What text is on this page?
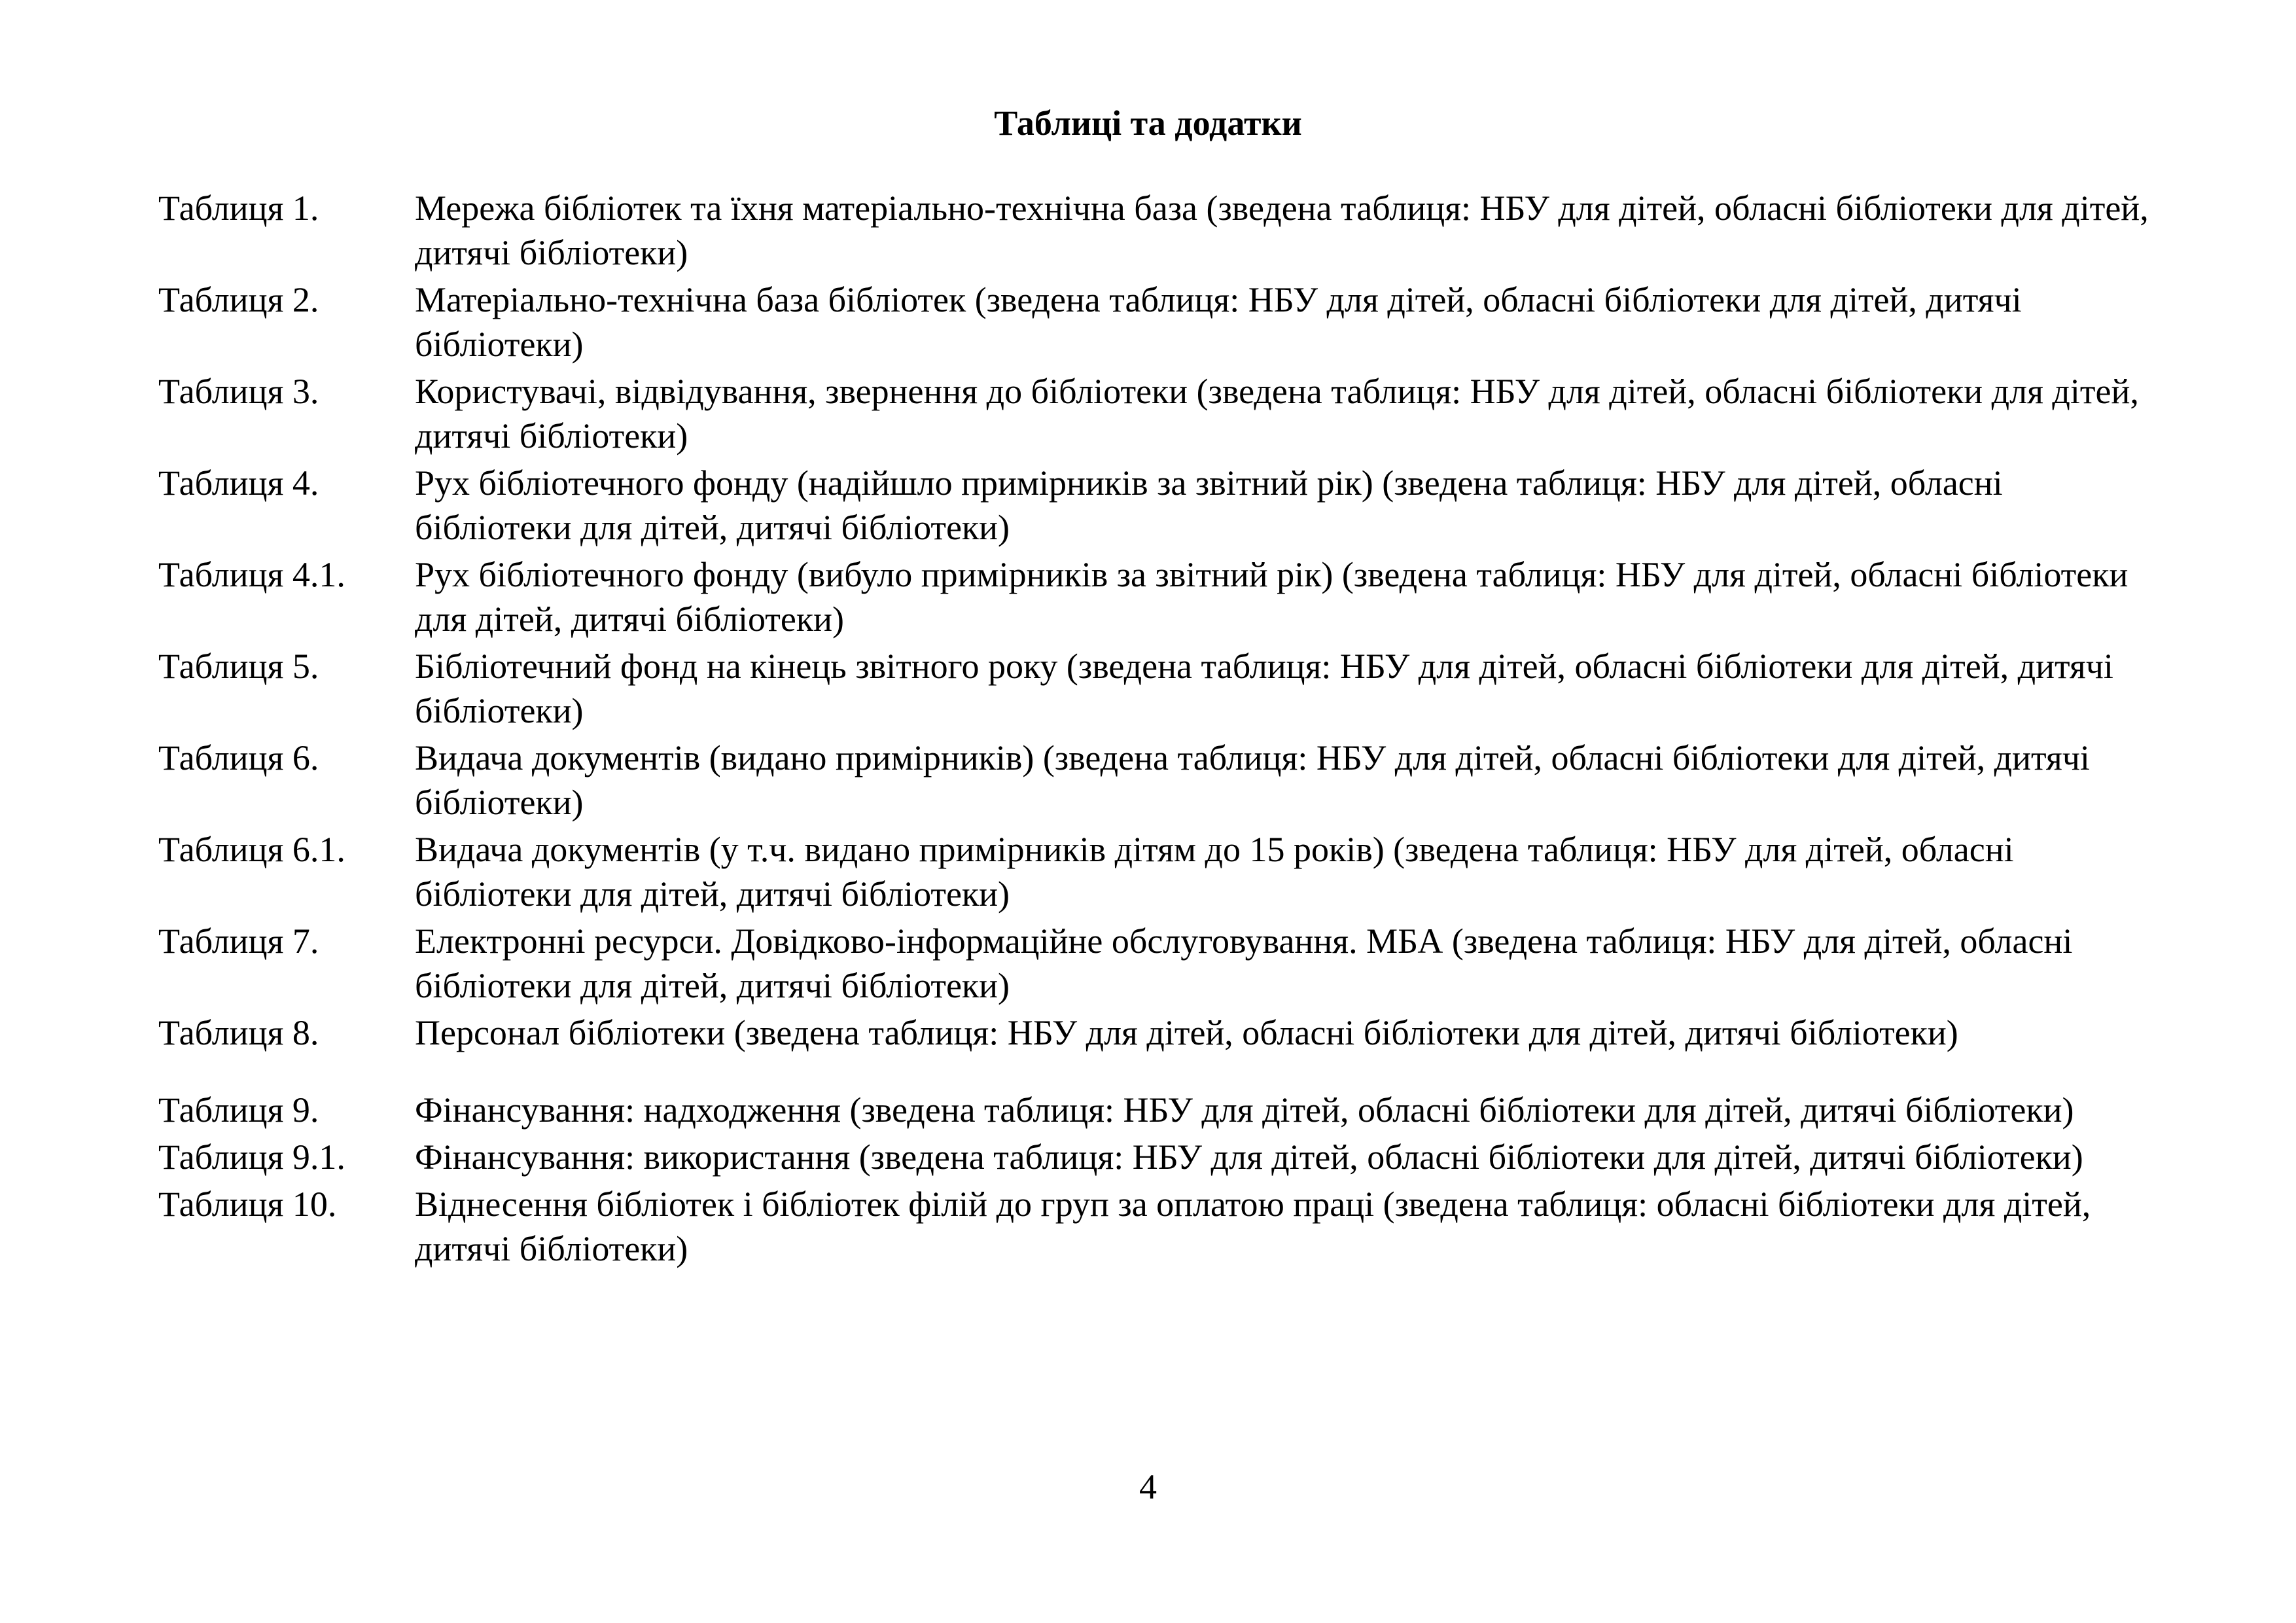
Таблиці та додатки
Таблиця 1.	Мережа бібліотек та їхня матеріально-технічна база (зведена таблиця: НБУ для дітей, обласні бібліотеки для дітей, дитячі бібліотеки)
Таблиця 2.	Матеріально-технічна база бібліотек (зведена таблиця: НБУ для дітей, обласні бібліотеки для дітей, дитячі бібліотеки)
Таблиця 3.	Користувачі, відвідування, звернення до бібліотеки (зведена таблиця: НБУ для дітей, обласні бібліотеки для дітей, дитячі бібліотеки)
Таблиця 4.	Рух бібліотечного фонду (надійшло примірників за звітний рік) (зведена таблиця: НБУ для дітей, обласні бібліотеки для дітей, дитячі бібліотеки)
Таблиця 4.1.	Рух бібліотечного фонду (вибуло примірників за звітний рік) (зведена таблиця: НБУ для дітей, обласні бібліотеки для дітей, дитячі бібліотеки)
Таблиця 5.	Бібліотечний фонд на кінець звітного року (зведена таблиця: НБУ для дітей, обласні бібліотеки для дітей, дитячі бібліотеки)
Таблиця 6.	Видача документів (видано примірників) (зведена таблиця: НБУ для дітей, обласні бібліотеки для дітей, дитячі бібліотеки)
Таблиця 6.1.	Видача документів (у т.ч. видано примірників дітям до 15 років) (зведена таблиця: НБУ для дітей, обласні бібліотеки для дітей, дитячі бібліотеки)
Таблиця 7.	Електронні ресурси. Довідково-інформаційне обслуговування. МБА (зведена таблиця: НБУ для дітей, обласні бібліотеки для дітей, дитячі бібліотеки)
Таблиця 8.	Персонал бібліотеки (зведена таблиця: НБУ для дітей, обласні бібліотеки для дітей, дитячі бібліотеки)
Таблиця 9.	Фінансування: надходження (зведена таблиця: НБУ для дітей, обласні бібліотеки для дітей, дитячі бібліотеки)
Таблиця 9.1.	Фінансування: використання (зведена таблиця: НБУ для дітей, обласні бібліотеки для дітей, дитячі бібліотеки)
Таблиця 10.	Віднесення бібліотек і бібліотек філій до груп за оплатою праці (зведена таблиця: обласні бібліотеки для дітей, дитячі бібліотеки)
4
